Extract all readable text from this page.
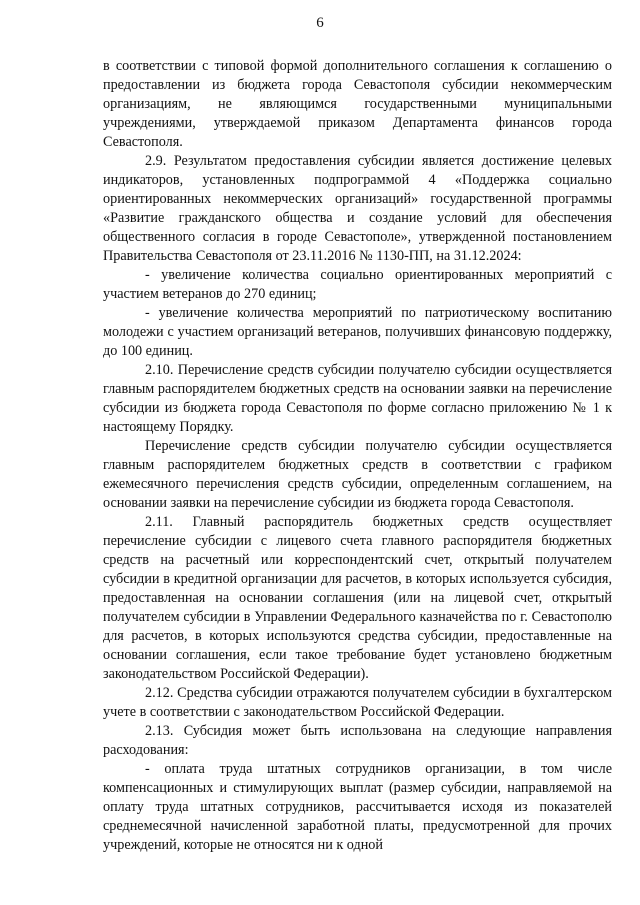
6

в соответствии с типовой формой дополнительного соглашения к соглашению о предоставлении из бюджета города Севастополя субсидии некоммерческим организациям, не являющимся государственными муниципальными учреждениями, утверждаемой приказом Департамента финансов города Севастополя.

2.9. Результатом предоставления субсидии является достижение целевых индикаторов, установленных подпрограммой 4 «Поддержка социально ориентированных некоммерческих организаций» государственной программы «Развитие гражданского общества и создание условий для обеспечения общественного согласия в городе Севастополе», утвержденной постановлением Правительства Севастополя от 23.11.2016 № 1130-ПП, на 31.12.2024:

- увеличение количества социально ориентированных мероприятий с участием ветеранов до 270 единиц;

- увеличение количества мероприятий по патриотическому воспитанию молодежи с участием организаций ветеранов, получивших финансовую поддержку, до 100 единиц.

2.10. Перечисление средств субсидии получателю субсидии осуществляется главным распорядителем бюджетных средств на основании заявки на перечисление субсидии из бюджета города Севастополя по форме согласно приложению № 1 к настоящему Порядку.

Перечисление средств субсидии получателю субсидии осуществляется главным распорядителем бюджетных средств в соответствии с графиком ежемесячного перечисления средств субсидии, определенным соглашением, на основании заявки на перечисление субсидии из бюджета города Севастополя.

2.11. Главный распорядитель бюджетных средств осуществляет перечисление субсидии с лицевого счета главного распорядителя бюджетных средств на расчетный или корреспондентский счет, открытый получателем субсидии в кредитной организации для расчетов, в которых используется субсидия, предоставленная на основании соглашения (или на лицевой счет, открытый получателем субсидии в Управлении Федерального казначейства по г. Севастополю для расчетов, в которых используются средства субсидии, предоставленные на основании соглашения, если такое требование будет установлено бюджетным законодательством Российской Федерации).

2.12. Средства субсидии отражаются получателем субсидии в бухгалтерском учете в соответствии с законодательством Российской Федерации.

2.13. Субсидия может быть использована на следующие направления расходования:

- оплата труда штатных сотрудников организации, в том числе компенсационных и стимулирующих выплат (размер субсидии, направляемой на оплату труда штатных сотрудников, рассчитывается исходя из показателей среднемесячной начисленной заработной платы, предусмотренной для прочих учреждений, которые не относятся ни к одной
